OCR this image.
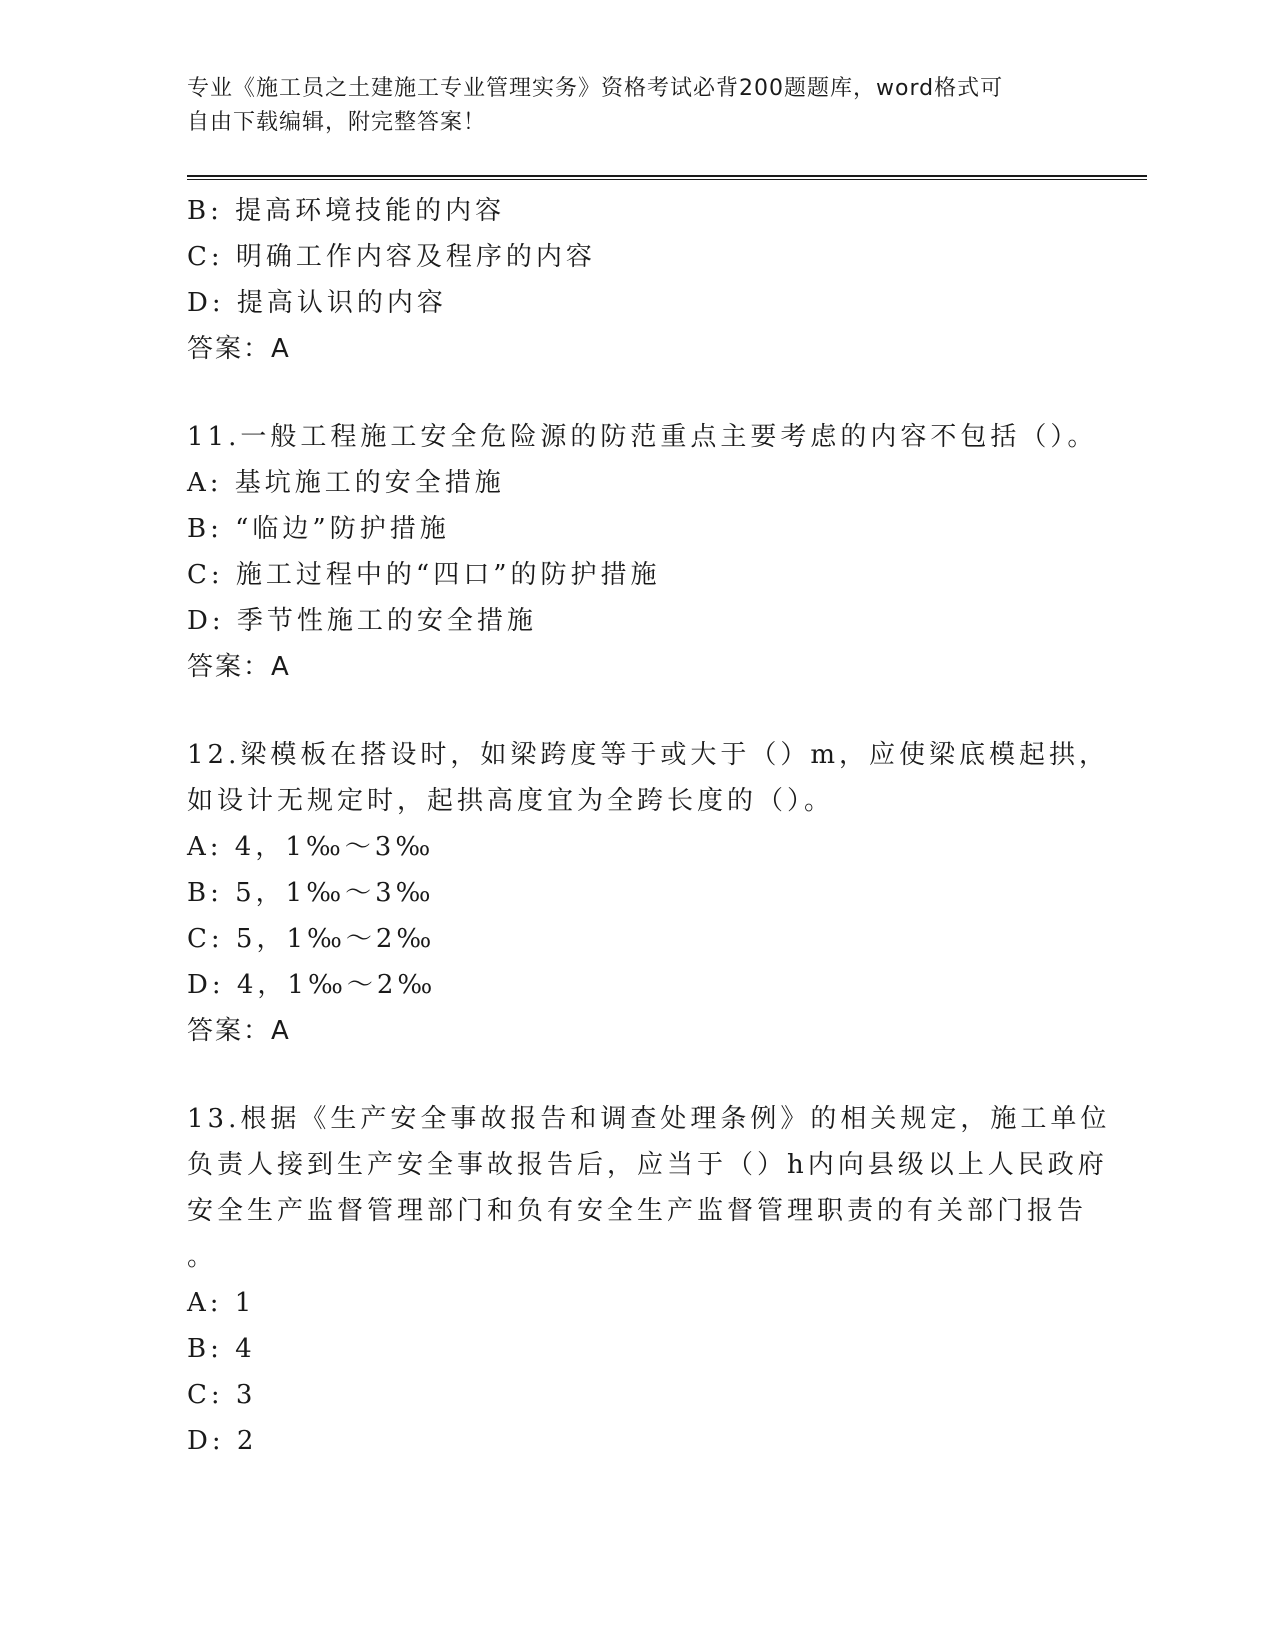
专业《施工员之土建施工专业管理实务》资格考试必背200题题库，word格式可
自由下载编辑，附完整答案！
B: 提高环境技能的内容
C: 明确工作内容及程序的内容
D: 提高认识的内容
答案：A
11.一般工程施工安全危险源的防范重点主要考虑的内容不包括（）。
A: 基坑施工的安全措施
B: “临边”防护措施
C: 施工过程中的“四口”的防护措施
D: 季节性施工的安全措施
答案：A
12.梁模板在搭设时，如梁跨度等于或大于（）m，应使梁底模起拱，
如设计无规定时，起拱高度宜为全跨长度的（）。
A: 4，1‰～3‰
B: 5，1‰～3‰
C: 5，1‰～2‰
D: 4，1‰～2‰
答案：A
13.根据《生产安全事故报告和调查处理条例》的相关规定，施工单位
负责人接到生产安全事故报告后，应当于（）h内向县级以上人民政府
安全生产监督管理部门和负有安全生产监督管理职责的有关部门报告
。
A: 1
B: 4
C: 3
D: 2
